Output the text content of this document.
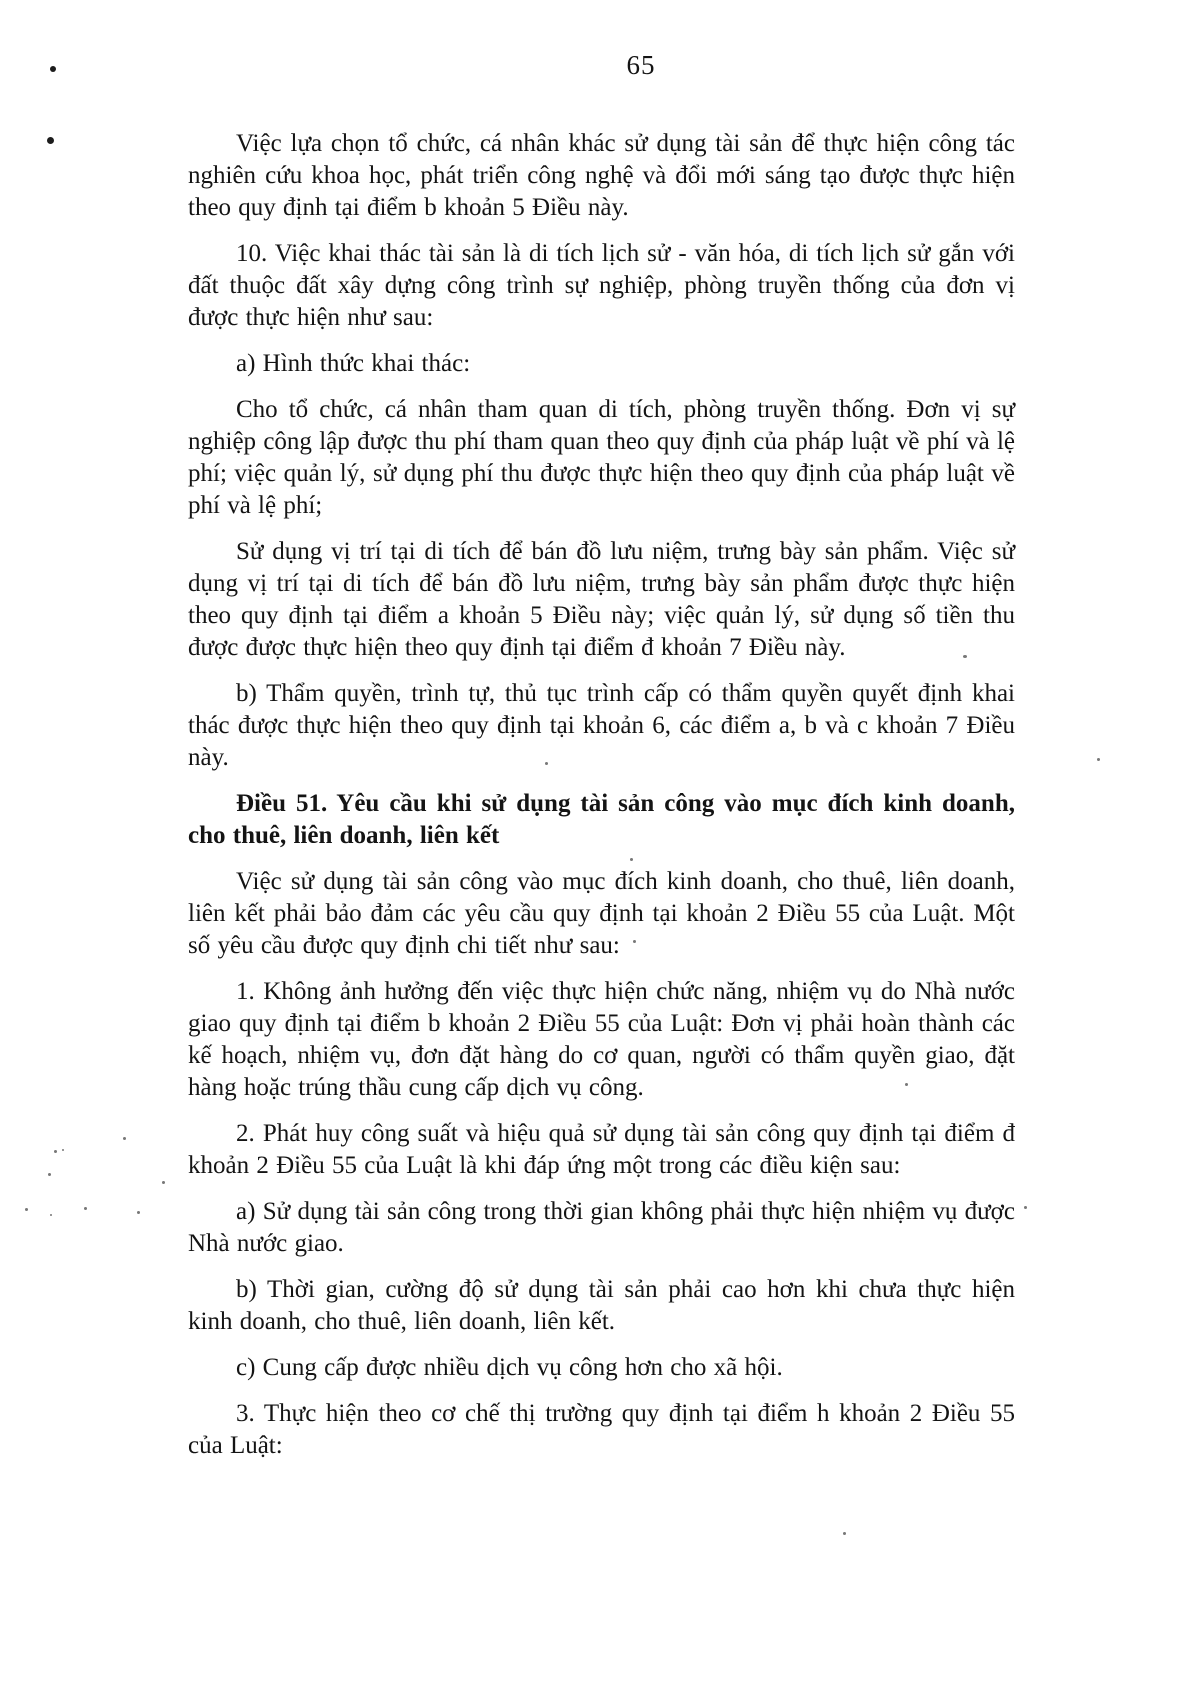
65

Việc lựa chọn tổ chức, cá nhân khác sử dụng tài sản để thực hiện công tác nghiên cứu khoa học, phát triển công nghệ và đổi mới sáng tạo được thực hiện theo quy định tại điểm b khoản 5 Điều này.

10. Việc khai thác tài sản là di tích lịch sử - văn hóa, di tích lịch sử gắn với đất thuộc đất xây dựng công trình sự nghiệp, phòng truyền thống của đơn vị được thực hiện như sau:

a) Hình thức khai thác:

Cho tổ chức, cá nhân tham quan di tích, phòng truyền thống. Đơn vị sự nghiệp công lập được thu phí tham quan theo quy định của pháp luật về phí và lệ phí; việc quản lý, sử dụng phí thu được thực hiện theo quy định của pháp luật về phí và lệ phí;

Sử dụng vị trí tại di tích để bán đồ lưu niệm, trưng bày sản phẩm. Việc sử dụng vị trí tại di tích để bán đồ lưu niệm, trưng bày sản phẩm được thực hiện theo quy định tại điểm a khoản 5 Điều này; việc quản lý, sử dụng số tiền thu được được thực hiện theo quy định tại điểm đ khoản 7 Điều này.

b) Thẩm quyền, trình tự, thủ tục trình cấp có thẩm quyền quyết định khai thác được thực hiện theo quy định tại khoản 6, các điểm a, b và c khoản 7 Điều này.

Điều 51. Yêu cầu khi sử dụng tài sản công vào mục đích kinh doanh, cho thuê, liên doanh, liên kết

Việc sử dụng tài sản công vào mục đích kinh doanh, cho thuê, liên doanh, liên kết phải bảo đảm các yêu cầu quy định tại khoản 2 Điều 55 của Luật. Một số yêu cầu được quy định chi tiết như sau:

1. Không ảnh hưởng đến việc thực hiện chức năng, nhiệm vụ do Nhà nước giao quy định tại điểm b khoản 2 Điều 55 của Luật: Đơn vị phải hoàn thành các kế hoạch, nhiệm vụ, đơn đặt hàng do cơ quan, người có thẩm quyền giao, đặt hàng hoặc trúng thầu cung cấp dịch vụ công.

2. Phát huy công suất và hiệu quả sử dụng tài sản công quy định tại điểm đ khoản 2 Điều 55 của Luật là khi đáp ứng một trong các điều kiện sau:

a) Sử dụng tài sản công trong thời gian không phải thực hiện nhiệm vụ được Nhà nước giao.

b) Thời gian, cường độ sử dụng tài sản phải cao hơn khi chưa thực hiện kinh doanh, cho thuê, liên doanh, liên kết.

c) Cung cấp được nhiều dịch vụ công hơn cho xã hội.

3. Thực hiện theo cơ chế thị trường quy định tại điểm h khoản 2 Điều 55 của Luật:
